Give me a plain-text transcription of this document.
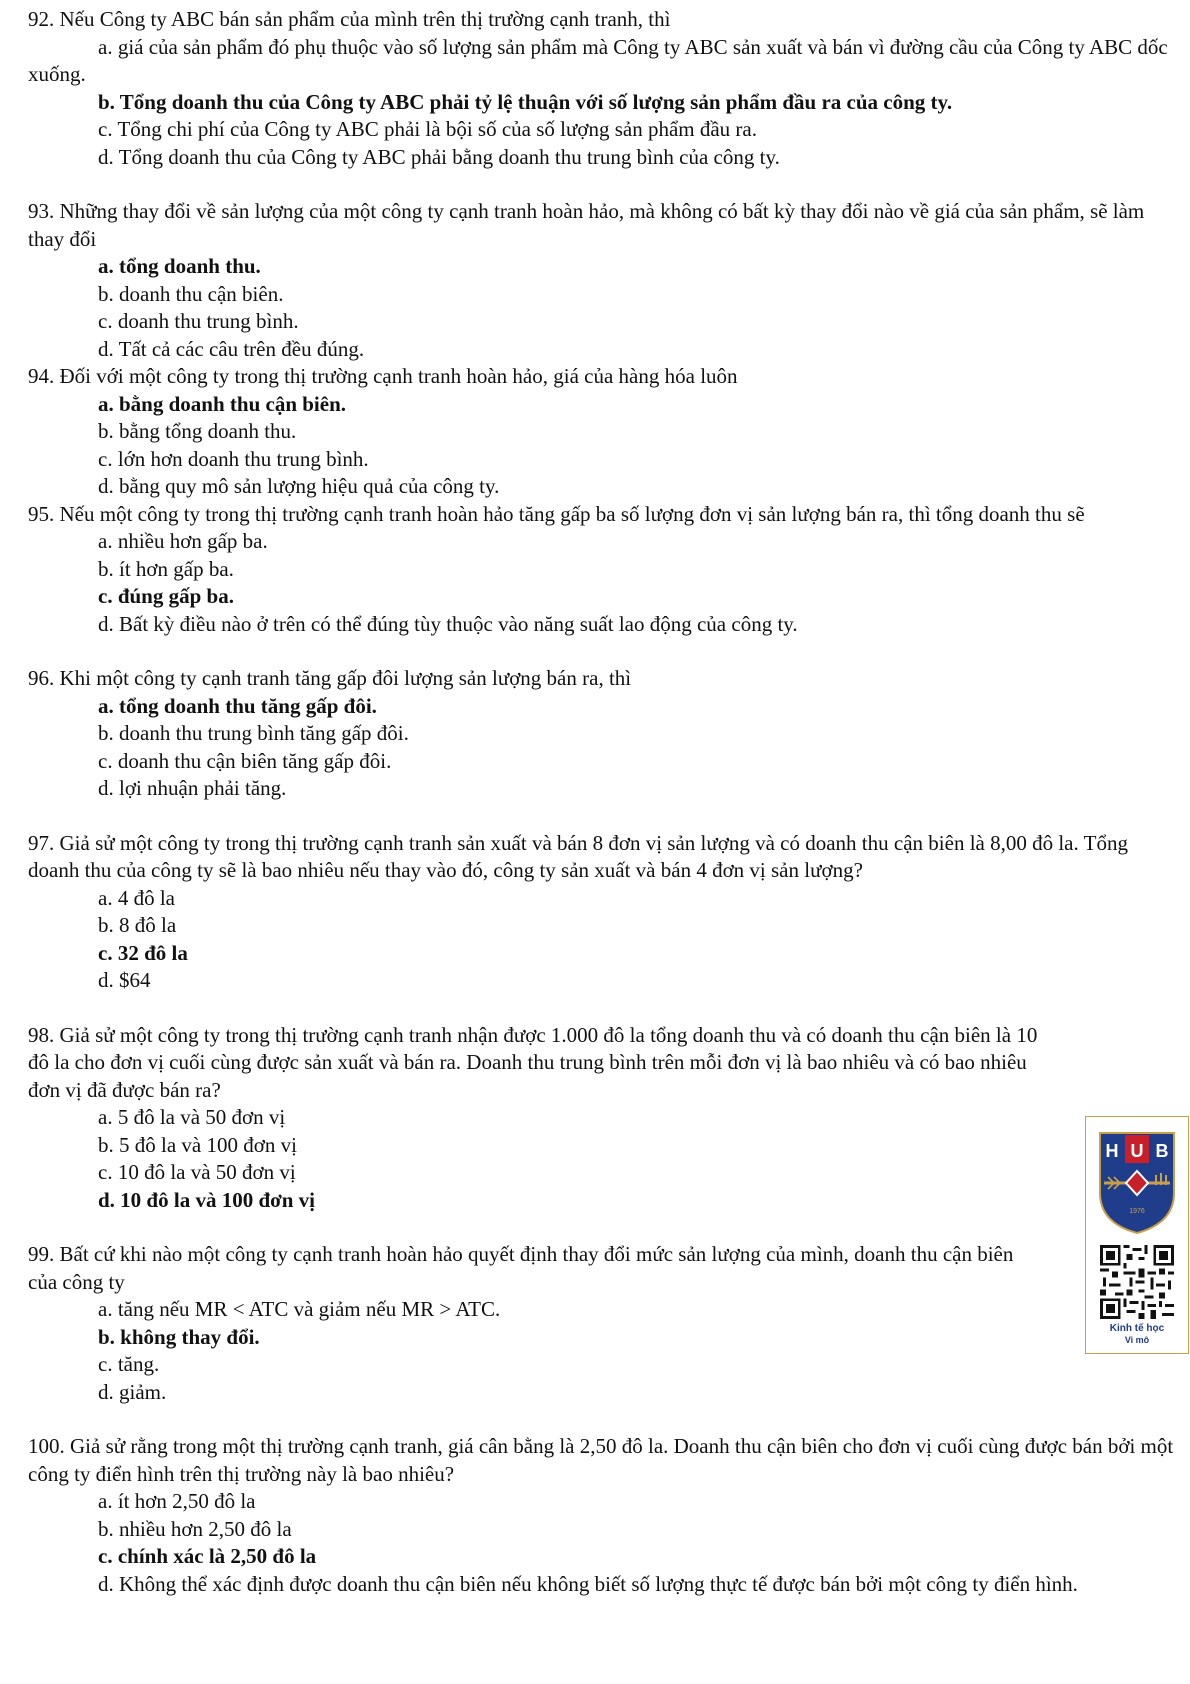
92. Nếu Công ty ABC bán sản phẩm của mình trên thị trường cạnh tranh, thì

a. giá của sản phẩm đó phụ thuộc vào số lượng sản phẩm mà Công ty ABC sản xuất và bán vì đường cầu của Công ty ABC dốc xuống.

b. Tổng doanh thu của Công ty ABC phải tỷ lệ thuận với số lượng sản phẩm đầu ra của công ty.

c. Tổng chi phí của Công ty ABC phải là bội số của số lượng sản phẩm đầu ra.

d. Tổng doanh thu của Công ty ABC phải bằng doanh thu trung bình của công ty.

93. Những thay đổi về sản lượng của một công ty cạnh tranh hoàn hảo, mà không có bất kỳ thay đổi nào về giá của sản phẩm, sẽ làm thay đổi

a. tổng doanh thu.

b. doanh thu cận biên.

c. doanh thu trung bình.

d. Tất cả các câu trên đều đúng.

94. Đối với một công ty trong thị trường cạnh tranh hoàn hảo, giá của hàng hóa luôn

a. bằng doanh thu cận biên.

b. bằng tổng doanh thu.

c. lớn hơn doanh thu trung bình.

d. bằng quy mô sản lượng hiệu quả của công ty.

95. Nếu một công ty trong thị trường cạnh tranh hoàn hảo tăng gấp ba số lượng đơn vị sản lượng bán ra, thì tổng doanh thu sẽ

a. nhiều hơn gấp ba.

b. ít hơn gấp ba.

c. đúng gấp ba.

d. Bất kỳ điều nào ở trên có thể đúng tùy thuộc vào năng suất lao động của công ty.

96. Khi một công ty cạnh tranh tăng gấp đôi lượng sản lượng bán ra, thì

a. tổng doanh thu tăng gấp đôi.

b. doanh thu trung bình tăng gấp đôi.

c. doanh thu cận biên tăng gấp đôi.

d. lợi nhuận phải tăng.

97. Giả sử một công ty trong thị trường cạnh tranh sản xuất và bán 8 đơn vị sản lượng và có doanh thu cận biên là 8,00 đô la. Tổng doanh thu của công ty sẽ là bao nhiêu nếu thay vào đó, công ty sản xuất và bán 4 đơn vị sản lượng?

a. 4 đô la

b. 8 đô la

c. 32 đô la

d. $64

98. Giả sử một công ty trong thị trường cạnh tranh nhận được 1.000 đô la tổng doanh thu và có doanh thu cận biên là 10 đô la cho đơn vị cuối cùng được sản xuất và bán ra. Doanh thu trung bình trên mỗi đơn vị là bao nhiêu và có bao nhiêu đơn vị đã được bán ra?

a. 5 đô la và 50 đơn vị

b. 5 đô la và 100 đơn vị

c. 10 đô la và 50 đơn vị

d. 10 đô la và 100 đơn vị

99. Bất cứ khi nào một công ty cạnh tranh hoàn hảo quyết định thay đổi mức sản lượng của mình, doanh thu cận biên của công ty

a. tăng nếu MR < ATC và giảm nếu MR > ATC.

b. không thay đổi.

c. tăng.

d. giảm.

100. Giả sử rằng trong một thị trường cạnh tranh, giá cân bằng là 2,50 đô la. Doanh thu cận biên cho đơn vị cuối cùng được bán bởi một công ty điển hình trên thị trường này là bao nhiêu?

a. ít hơn 2,50 đô la

b. nhiều hơn 2,50 đô la

c. chính xác là 2,50 đô la

d. Không thể xác định được doanh thu cận biên nếu không biết số lượng thực tế được bán bởi một công ty điển hình.

H U B
1976
Kinh tế học
Vi mô
